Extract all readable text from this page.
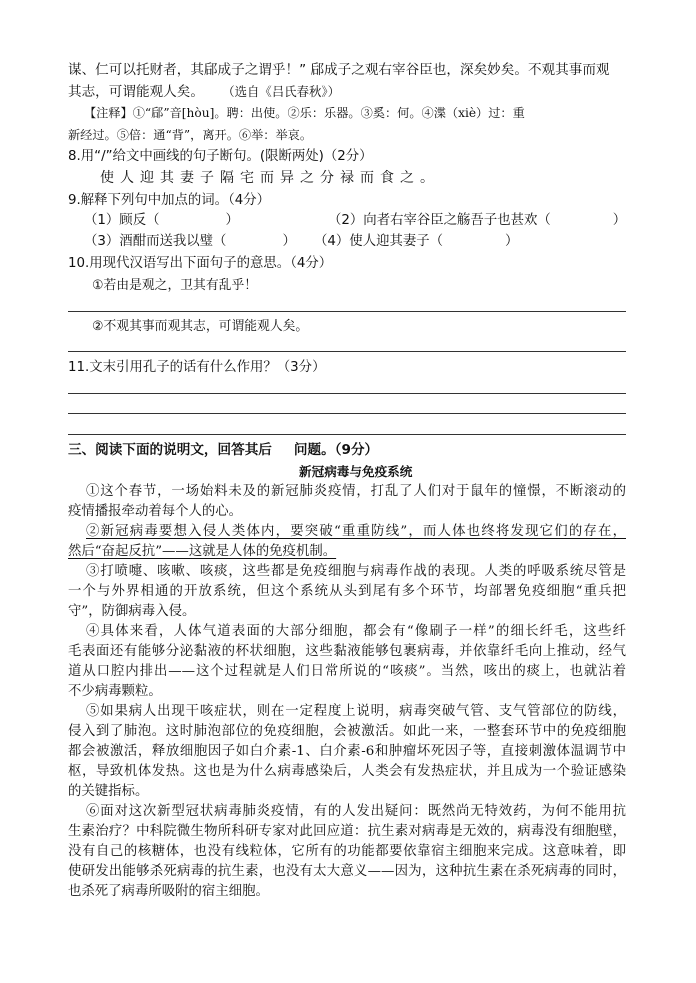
谋、仁可以托财者，其郈成子之谓乎！” 郈成子之观右宰谷臣也，深矣妙矣。不观其事而观
其志，可谓能观人矣。 （选自《吕氏春秋》）
【注释】①“郈”音[hòu]。聘：出使。②乐：乐器。③奚：何。④渫（xiè）过：重
新经过。⑤倍：通“背”，离开。⑥举：举哀。
8.用“/”给文中画线的句子断句。(限断两处)（2分）
使人迎其妻子隔宅而异之分禄而食之。
9.解释下列句中加点的词。（4分）
（1）顾反（	）	（2）向者右宰谷臣之觞吾子也甚欢（	）
（3）酒酣而送我以璧（	） （4）使人迎其妻子（	）
10.用现代汉语写出下面句子的意思。（4分）
①若由是观之，卫其有乱乎！
②不观其事而观其志，可谓能观人矣。
11.文末引用孔子的话有什么作用？（3分）
三、阅读下面的说明文，回答其后 问题。（9分）
新冠病毒与免疫系统
①这个春节，一场始料未及的新冠肺炎疫情，打乱了人们对于鼠年的憧憬，不断滚动的
疫情播报牵动着每个人的心。
②新冠病毒要想入侵人类体内，要突破“重重防线”，而人体也终将发现它们的存在，
然后“奋起反抗”——这就是人体的免疫机制。
③打喷嚏、咳嗽、咳痰，这些都是免疫细胞与病毒作战的表现。人类的呼吸系统尽管是
一个与外界相通的开放系统，但这个系统从头到尾有多个环节，均部署免疫细胞“重兵把
守”，防御病毒入侵。
④具体来看，人体气道表面的大部分细胞，都会有“像刷子一样”的细长纤毛，这些纤
毛表面还有能够分泌黏液的杯状细胞，这些黏液能够包裹病毒，并依靠纤毛向上推动，经气
道从口腔内排出——这个过程就是人们日常所说的“咳痰”。当然，咳出的痰上，也就沾着
不少病毒颗粒。
⑤如果病人出现干咳症状，则在一定程度上说明，病毒突破气管、支气管部位的防线，
侵入到了肺泡。这时肺泡部位的免疫细胞，会被激活。如此一来，一整套环节中的免疫细胞
都会被激活，释放细胞因子如白介素-1、白介素-6和肿瘤坏死因子等，直接刺激体温调节中
枢，导致机体发热。这也是为什么病毒感染后，人类会有发热症状，并且成为一个验证感染
的关键指标。
⑥面对这次新型冠状病毒肺炎疫情，有的人发出疑问：既然尚无特效药，为何不能用抗
生素治疗？中科院微生物所科研专家对此回应道：抗生素对病毒是无效的，病毒没有细胞壁，
没有自己的核糖体，也没有线粒体，它所有的功能都要依靠宿主细胞来完成。这意味着，即
使研发出能够杀死病毒的抗生素，也没有太大意义——因为，这种抗生素在杀死病毒的同时，
也杀死了病毒所吸附的宿主细胞。
